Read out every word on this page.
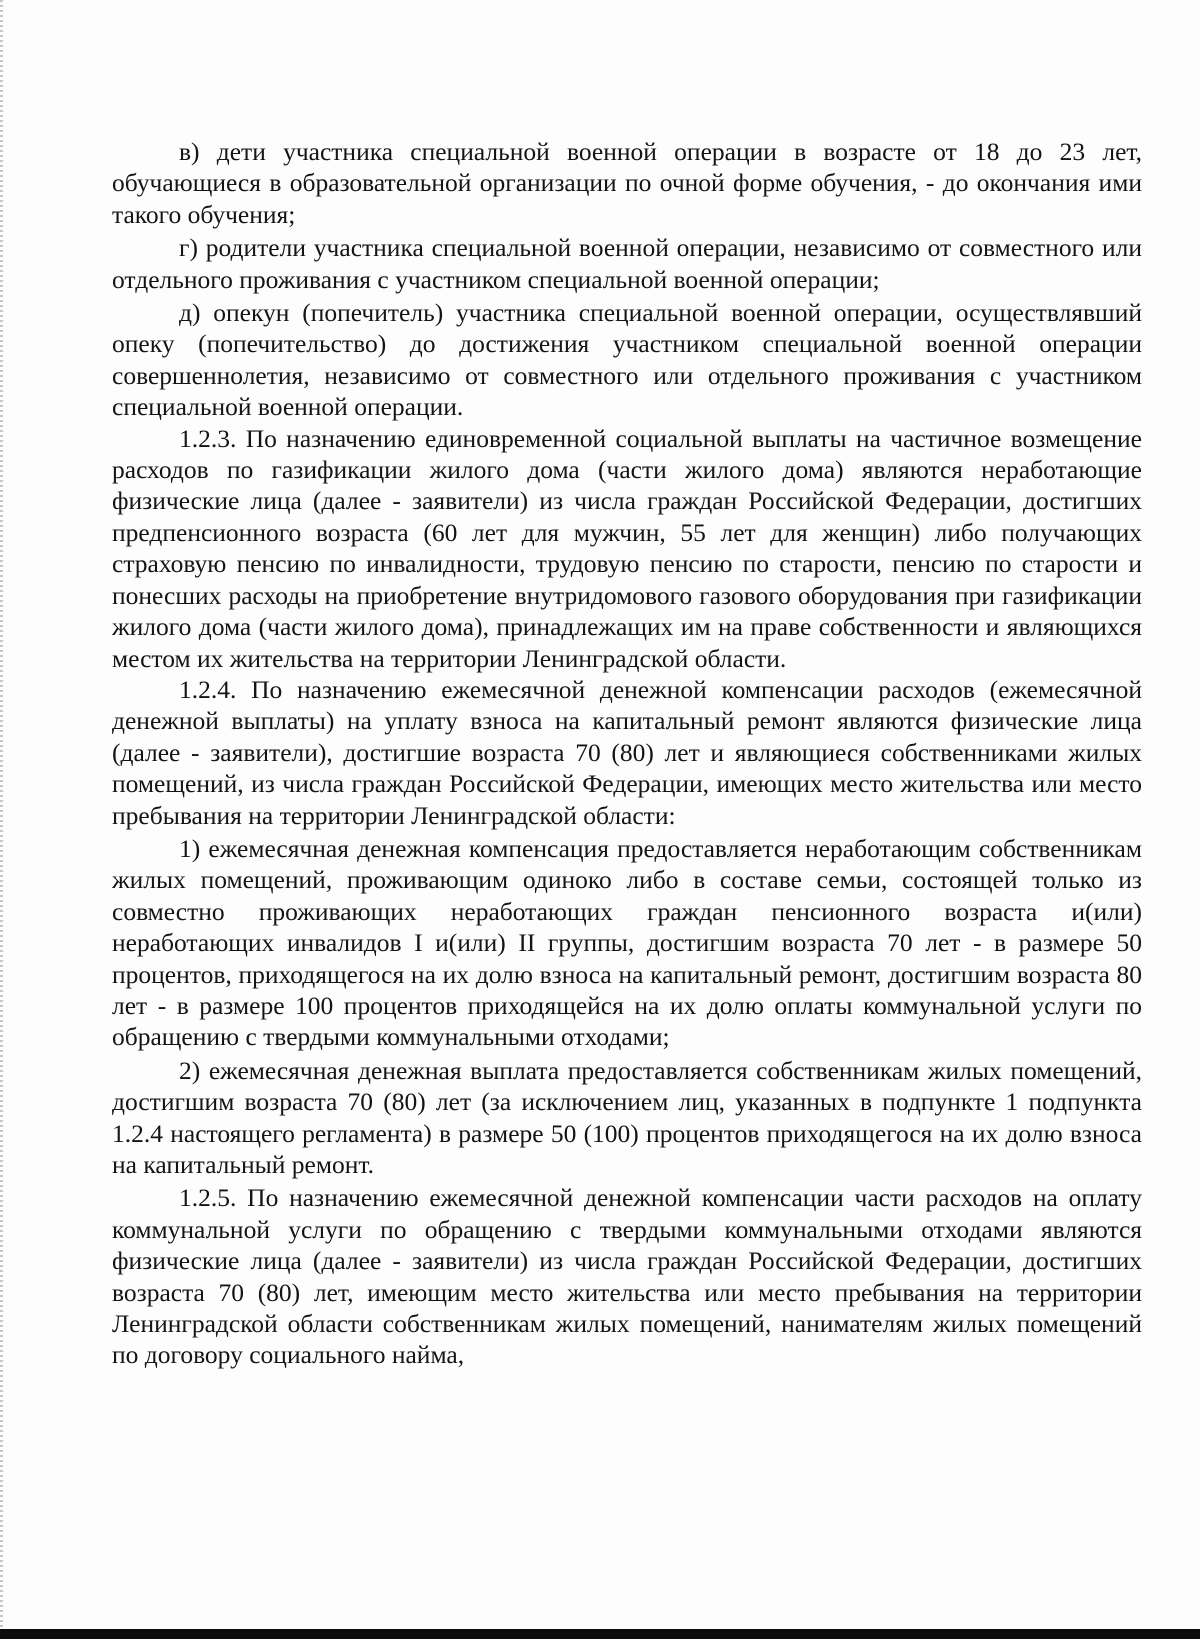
в) дети участника специальной военной операции в возрасте от 18 до 23 лет, обучающиеся в образовательной организации по очной форме обучения, - до окончания ими такого обучения;

г) родители участника специальной военной операции, независимо от совместного или отдельного проживания с участником специальной военной операции;

д) опекун (попечитель) участника специальной военной операции, осуществлявший опеку (попечительство) до достижения участником специальной военной операции совершеннолетия, независимо от совместного или отдельного проживания с участником специальной военной операции.

1.2.3. По назначению единовременной социальной выплаты на частичное возмещение расходов по газификации жилого дома (части жилого дома) являются неработающие физические лица (далее - заявители) из числа граждан Российской Федерации, достигших предпенсионного возраста (60 лет для мужчин, 55 лет для женщин) либо получающих страховую пенсию по инвалидности, трудовую пенсию по старости, пенсию по старости и понесших расходы на приобретение внутридомового газового оборудования при газификации жилого дома (части жилого дома), принадлежащих им на праве собственности и являющихся местом их жительства на территории Ленинградской области.

1.2.4. По назначению ежемесячной денежной компенсации расходов (ежемесячной денежной выплаты) на уплату взноса на капитальный ремонт являются физические лица (далее - заявители), достигшие возраста 70 (80) лет и являющиеся собственниками жилых помещений, из числа граждан Российской Федерации, имеющих место жительства или место пребывания на территории Ленинградской области:

1) ежемесячная денежная компенсация предоставляется неработающим собственникам жилых помещений, проживающим одиноко либо в составе семьи, состоящей только из совместно проживающих неработающих граждан пенсионного возраста и(или) неработающих инвалидов I и(или) II группы, достигшим возраста 70 лет - в размере 50 процентов, приходящегося на их долю взноса на капитальный ремонт, достигшим возраста 80 лет - в размере 100 процентов приходящейся на их долю оплаты коммунальной услуги по обращению с твердыми коммунальными отходами;

2) ежемесячная денежная выплата предоставляется собственникам жилых помещений, достигшим возраста 70 (80) лет (за исключением лиц, указанных в подпункте 1 подпункта 1.2.4 настоящего регламента) в размере 50 (100) процентов приходящегося на их долю взноса на капитальный ремонт.

1.2.5. По назначению ежемесячной денежной компенсации части расходов на оплату коммунальной услуги по обращению с твердыми коммунальными отходами являются физические лица (далее - заявители) из числа граждан Российской Федерации, достигших возраста 70 (80) лет, имеющим место жительства или место пребывания на территории Ленинградской области собственникам жилых помещений, нанимателям жилых помещений по договору социального найма,
